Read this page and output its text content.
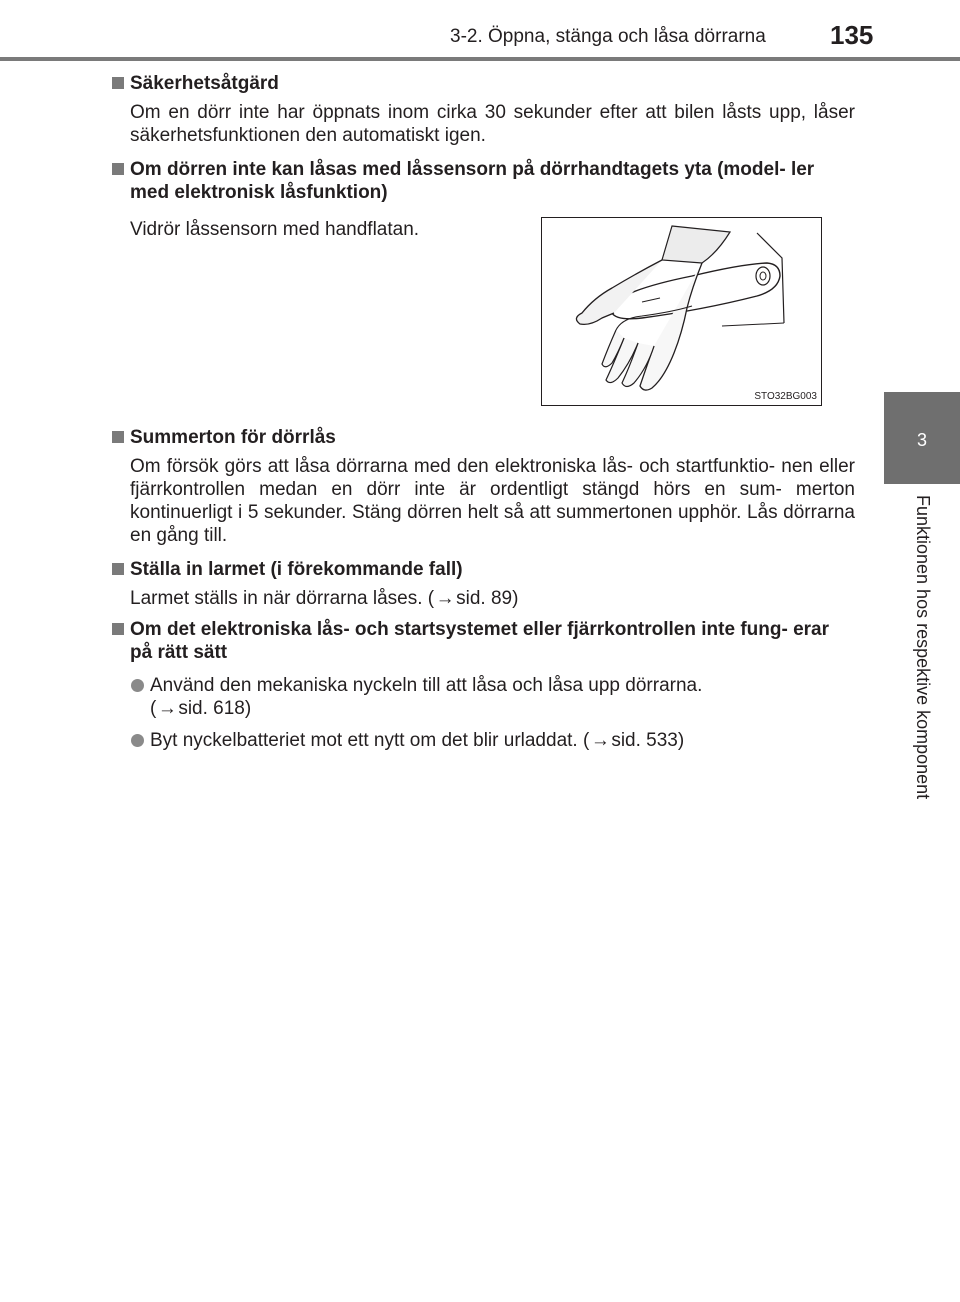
3-2. Öppna, stänga och låsa dörrarna 135
3
Funktionen hos respektive komponent
Säkerhetsåtgärd
Om en dörr inte har öppnats inom cirka 30 sekunder efter att bilen låsts upp, låser säkerhetsfunktionen den automatiskt igen.
Om dörren inte kan låsas med låssensorn på dörrhandtagets yta (model- ler med elektronisk låsfunktion)
Vidrör låssensorn med handflatan.
Summerton för dörrlås
Om försök görs att låsa dörrarna med den elektroniska lås- och startfunktio- nen eller fjärrkontrollen medan en dörr inte är ordentligt stängd hörs en sum- merton kontinuerligt i 5 sekunder. Stäng dörren helt så att summertonen upphör. Lås dörrarna en gång till.
Ställa in larmet (i förekommande fall)
Larmet ställs in när dörrarna låses. (→sid. 89)
Om det elektroniska lås- och startsystemet eller fjärrkontrollen inte fung- erar på rätt sätt
Använd den mekaniska nyckeln till att låsa och låsa upp dörrarna.
(→sid. 618)
Byt nyckelbatteriet mot ett nytt om det blir urladdat. (→sid. 533)
STO32BG003
